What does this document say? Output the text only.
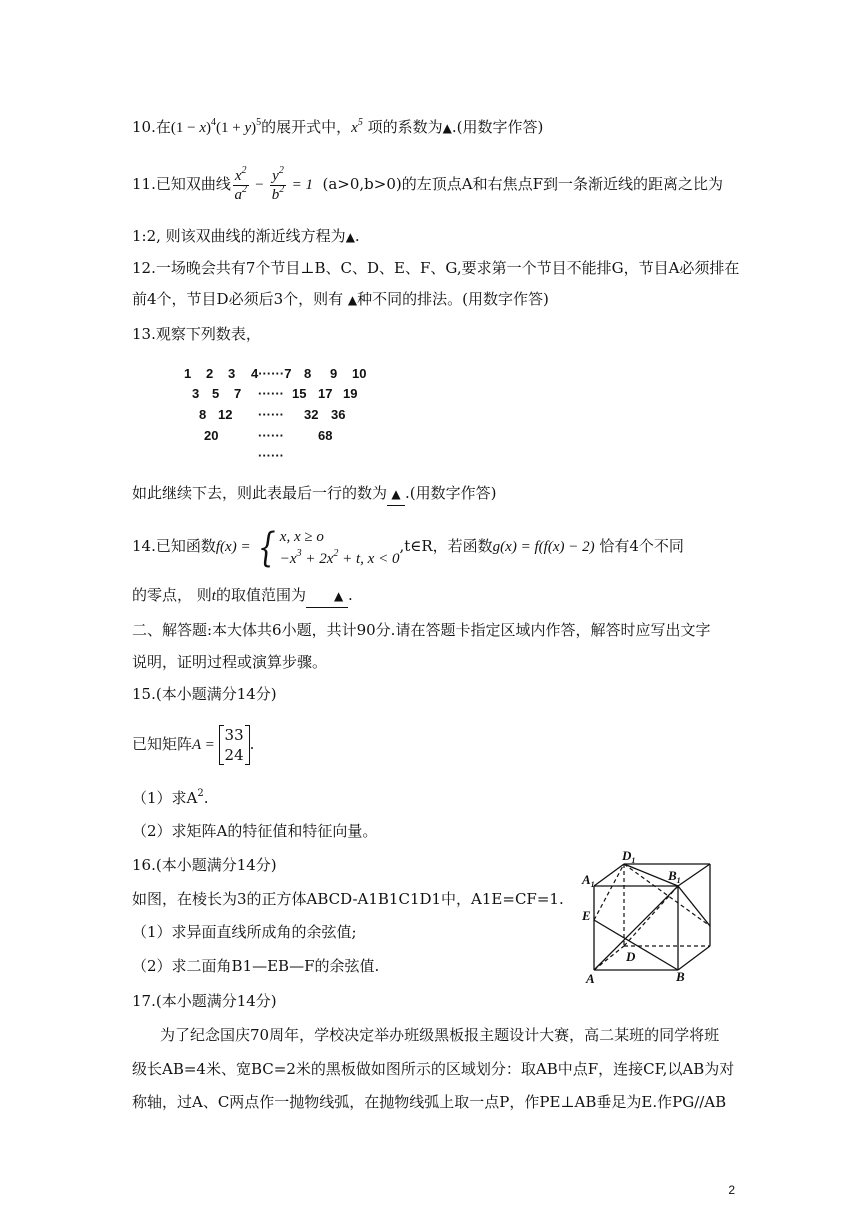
10.在$(1 - x)^4(1 + y)^5$的展开式中，$x^5$ 项的系数为▲.(用数字作答)
11.已知双曲线 $\frac{x^2}{a^2} - \frac{y^2}{b^2} = 1$ (a>0,b>0)的左顶点A和右焦点F到一条渐近线的距离之比为
1:2, 则该双曲线的渐近线方程为▲.
12.一场晚会共有7个节目⊥B、C、D、E、F、G,要求第一个节目不能排G，节目A必须排在
前4个，节目D必须后3个，则有 ▲种不同的排法。(用数字作答)
13.观察下列数表，
1 2 3 4······7 8 9 10
3 5 7 ······ 15 17 19
8 12 ······ 32 36
20	······	68
······
如此继续下去，则此表最后一行的数为 ▲ .(用数字作答)
14.已知函数f(x) = { x, x ≥ o
$-x^3 + 2x^2 + t$, x < 0
,t∈R，若函数g(x) = f(f(x) − 2) 恰有4个不同
的零点， 则t的取值范围为 ▲ .
二、解答题:本大体共6小题，共计90分.请在答题卡指定区域内作答，解答时应写出文字
说明，证明过程或演算步骤。
15.(本小题满分14分)
已知矩阵A =
33
24
.
（1）求$A^2$.
（2）求矩阵A的特征值和特征向量。
16.(本小题满分14分)
如图，在棱长为3的正方体ABCD-A1B1C1D1中，A1E=CF=1.
（1）求异面直线所成角的余弦值;
（2）求二面角B1—EB—F的余弦值.
$A_1$
$D_1$
$B_1$
E
D
A	B
17.(本小题满分14分)
为了纪念国庆70周年，学校决定举办班级黑板报主题设计大赛，高二某班的同学将班
级长AB=4米、宽BC=2米的黑板做如图所示的区域划分：取AB中点F，连接CF,以AB为对
称轴，过A、C两点作一抛物线弧，在抛物线弧上取一点P，作PE⊥AB垂足为E.作PG//AB
2
